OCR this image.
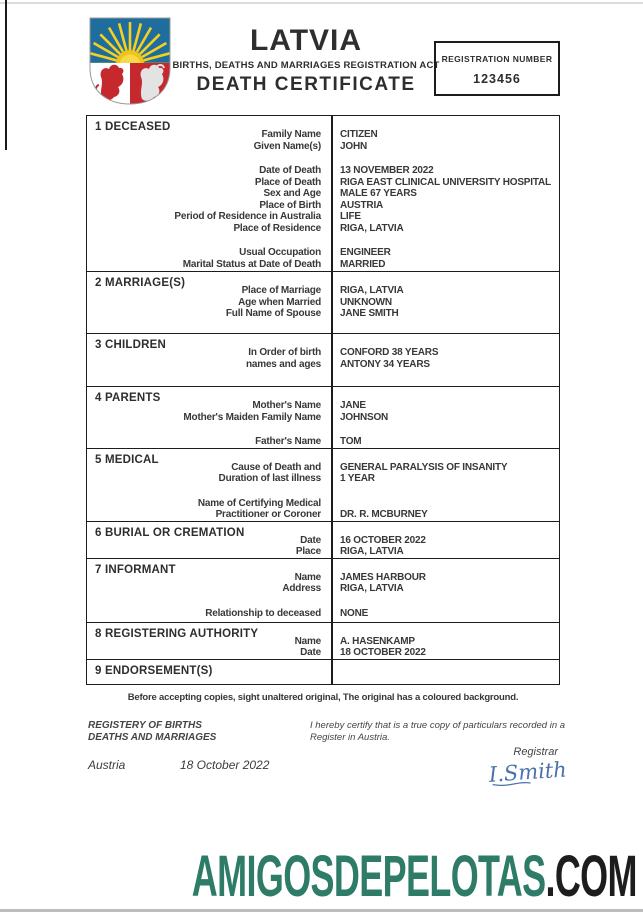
LATVIA
BIRTHS, DEATHS AND MARRIAGES REGISTRATION ACT
DEATH CERTIFICATE
REGISTRATION NUMBER
123456
1 DECEASED
Family Name	CITIZEN
Given Name(s)	JOHN
Date of Death	13 NOVEMBER 2022
Place of Death	RIGA EAST CLINICAL UNIVERSITY HOSPITAL
Sex and Age	MALE 67 YEARS
Place of Birth	AUSTRIA
Period of Residence in Australia	LIFE
Place of Residence	RIGA, LATVIA
Usual Occupation	ENGINEER
Marital Status at Date of Death	MARRIED
2 MARRIAGE(S)
Place of Marriage	RIGA, LATVIA
Age when Married	UNKNOWN
Full Name of Spouse	JANE SMITH
3 CHILDREN
In Order of birth	CONFORD 38 YEARS
names and ages	ANTONY 34 YEARS
4 PARENTS
Mother's Name	JANE
Mother's Maiden Family Name	JOHNSON
Father's Name	TOM
5 MEDICAL
Cause of Death and	GENERAL PARALYSIS OF INSANITY
Duration of last illness	1 YEAR
Name of Certifying Medical
Practitioner or Coroner	DR. R. MCBURNEY
6 BURIAL OR CREMATION
Date	16 OCTOBER 2022
Place	RIGA, LATVIA
7 INFORMANT
Name	JAMES HARBOUR
Address	RIGA, LATVIA
Relationship to deceased	NONE
8 REGISTERING AUTHORITY
Name	A. HASENKAMP
Date	18 OCTOBER 2022
9 ENDORSEMENT(S)
Before accepting copies, sight unaltered original, The original has a coloured background.
REGISTERY OF BIRTHS
DEATHS AND MARRIAGES
I hereby certify that is a true copy of particulars recorded in a Register in Austria.
Registrar
I.Smith
Austria	18 October 2022
AMIGOSDEPELOTAS.COM
